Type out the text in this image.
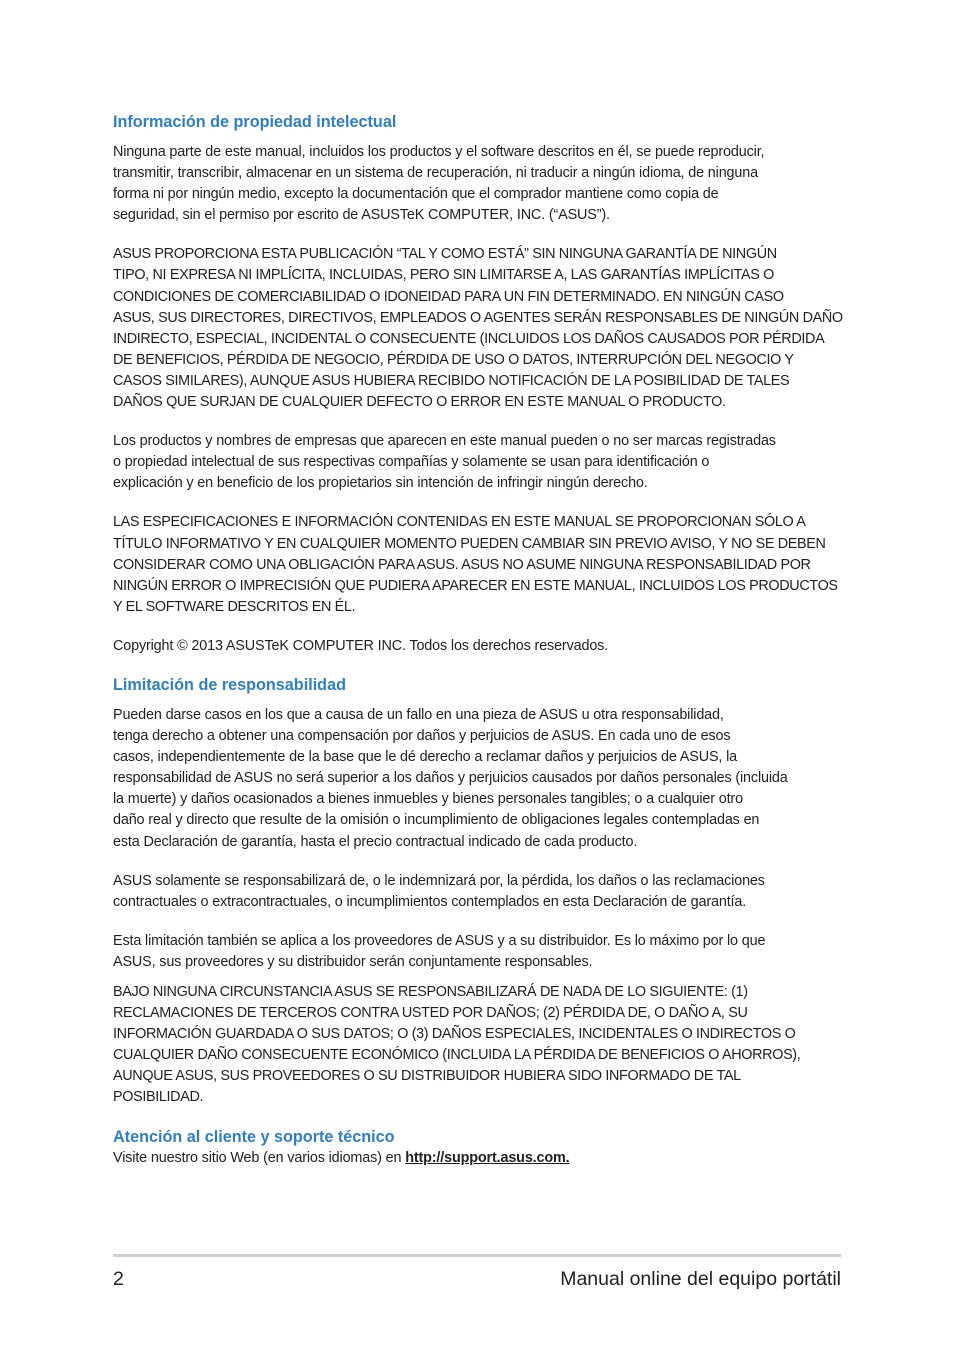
Información de propiedad intelectual
Ninguna parte de este manual, incluidos los productos y el software descritos en él, se puede reproducir,
transmitir, transcribir, almacenar en un sistema de recuperación, ni traducir a ningún idioma, de ninguna
forma ni por ningún medio, excepto la documentación que el comprador mantiene como copia de
seguridad, sin el permiso por escrito de ASUSTeK COMPUTER, INC. (“ASUS”).
ASUS PROPORCIONA ESTA PUBLICACIÓN “TAL Y COMO ESTÁ” SIN NINGUNA GARANTÍA DE NINGÚN
TIPO, NI EXPRESA NI IMPLÍCITA, INCLUIDAS, PERO SIN LIMITARSE A, LAS GARANTÍAS IMPLÍCITAS O
CONDICIONES DE COMERCIABILIDAD O IDONEIDAD PARA UN FIN DETERMINADO. EN NINGÚN CASO
ASUS, SUS DIRECTORES, DIRECTIVOS, EMPLEADOS O AGENTES SERÁN RESPONSABLES DE NINGÚN DAÑO
INDIRECTO, ESPECIAL, INCIDENTAL O CONSECUENTE (INCLUIDOS LOS DAÑOS CAUSADOS POR PÉRDIDA
DE BENEFICIOS, PÉRDIDA DE NEGOCIO, PÉRDIDA DE USO O DATOS, INTERRUPCIÓN DEL NEGOCIO Y
CASOS SIMILARES), AUNQUE ASUS HUBIERA RECIBIDO NOTIFICACIÓN DE LA POSIBILIDAD DE TALES
DAÑOS QUE SURJAN DE CUALQUIER DEFECTO O ERROR EN ESTE MANUAL O PRODUCTO.
Los productos y nombres de empresas que aparecen en este manual pueden o no ser marcas registradas
o propiedad intelectual de sus respectivas compañías y solamente se usan para identificación o
explicación y en beneficio de los propietarios sin intención de infringir ningún derecho.
LAS ESPECIFICACIONES E INFORMACIÓN CONTENIDAS EN ESTE MANUAL SE PROPORCIONAN SÓLO A
TÍTULO INFORMATIVO Y EN CUALQUIER MOMENTO PUEDEN CAMBIAR SIN PREVIO AVISO, Y NO SE DEBEN
CONSIDERAR COMO UNA OBLIGACIÓN PARA ASUS. ASUS NO ASUME NINGUNA RESPONSABILIDAD POR
NINGÚN ERROR O IMPRECISIÓN QUE PUDIERA APARECER EN ESTE MANUAL, INCLUIDOS LOS PRODUCTOS
Y EL SOFTWARE DESCRITOS EN ÉL.
Copyright © 2013 ASUSTeK COMPUTER INC. Todos los derechos reservados.
Limitación de responsabilidad
Pueden darse casos en los que a causa de un fallo en una pieza de ASUS u otra responsabilidad,
tenga derecho a obtener una compensación por daños y perjuicios de ASUS. En cada uno de esos
casos, independientemente de la base que le dé derecho a reclamar daños y perjuicios de ASUS, la
responsabilidad de ASUS no será superior a los daños y perjuicios causados por daños personales (incluida
la muerte) y daños ocasionados a bienes inmuebles y bienes personales tangibles; o a cualquier otro
daño real y directo que resulte de la omisión o incumplimiento de obligaciones legales contempladas en
esta Declaración de garantía, hasta el precio contractual indicado de cada producto.
ASUS solamente se responsabilizará de, o le indemnizará por, la pérdida, los daños o las reclamaciones
contractuales o extracontractuales, o incumplimientos contemplados en esta Declaración de garantía.
Esta limitación también se aplica a los proveedores de ASUS y a su distribuidor. Es lo máximo por lo que
ASUS, sus proveedores y su distribuidor serán conjuntamente responsables.
BAJO NINGUNA CIRCUNSTANCIA ASUS SE RESPONSABILIZARÁ DE NADA DE LO SIGUIENTE: (1)
RECLAMACIONES DE TERCEROS CONTRA USTED POR DAÑOS; (2) PÉRDIDA DE, O DAÑO A, SU
INFORMACIÓN GUARDADA O SUS DATOS; O (3) DAÑOS ESPECIALES, INCIDENTALES O INDIRECTOS O
CUALQUIER DAÑO CONSECUENTE ECONÓMICO (INCLUIDA LA PÉRDIDA DE BENEFICIOS O AHORROS),
AUNQUE ASUS, SUS PROVEEDORES O SU DISTRIBUIDOR HUBIERA SIDO INFORMADO DE TAL
POSIBILIDAD.
Atención al cliente y soporte técnico
Visite nuestro sitio Web (en varios idiomas) en http://support.asus.com.
2	Manual online del equipo portátil
